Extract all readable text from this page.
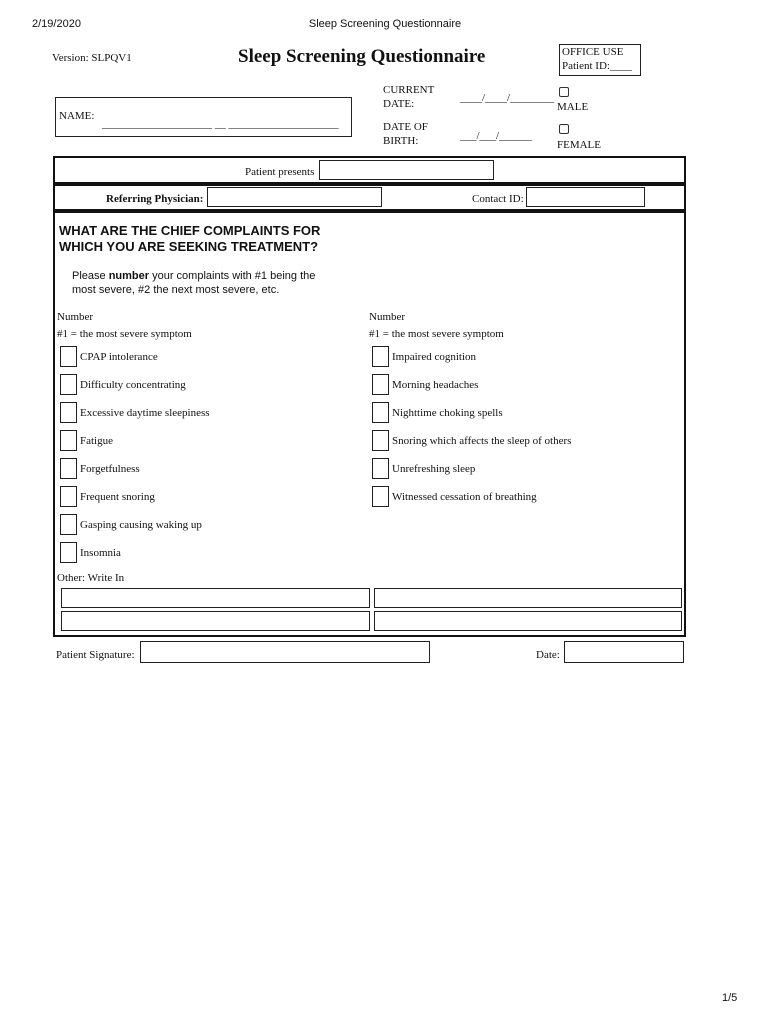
2/19/2020	Sleep Screening Questionnaire
Version: SLPQV1	Sleep Screening Questionnaire	OFFICE USE
Patient ID:____
NAME:
____________________ __ ____________________
CURRENT
DATE:	____/____/________
DATE OF
BIRTH:	___/___/______
MALE
FEMALE
Patient presents
Referring Physician:	Contact ID:
WHAT ARE THE CHIEF COMPLAINTS FOR
WHICH YOU ARE SEEKING TREATMENT?
Please number your complaints with #1 being the
most severe, #2 the next most severe, etc.
Number
#1 = the most severe symptom
Number
#1 = the most severe symptom
CPAP intolerance
Difficulty concentrating
Excessive daytime sleepiness
Fatigue
Forgetfulness
Frequent snoring
Gasping causing waking up
Insomnia
Impaired cognition
Morning headaches
Nighttime choking spells
Snoring which affects the sleep of others
Unrefreshing sleep
Witnessed cessation of breathing
Other: Write In
Patient Signature:	Date:
1/5
